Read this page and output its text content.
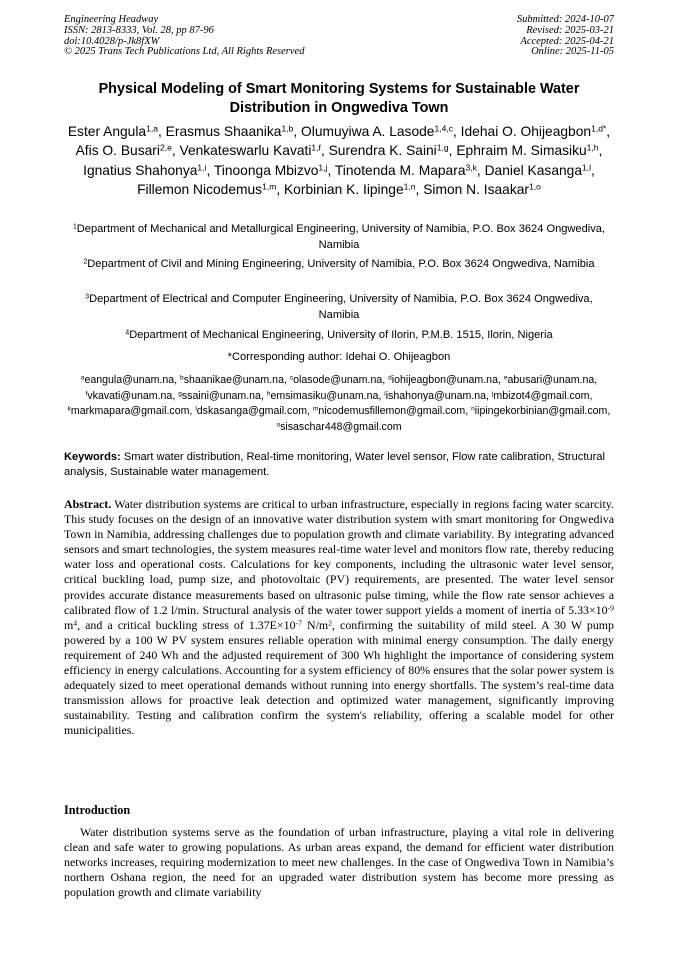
Engineering Headway
ISSN: 2813-8333, Vol. 28, pp 87-96
doi:10.4028/p-Jk8fXW
© 2025 Trans Tech Publications Ltd, All Rights Reserved
Submitted: 2024-10-07
Revised: 2025-03-21
Accepted: 2025-04-21
Online: 2025-11-05
Physical Modeling of Smart Monitoring Systems for Sustainable Water Distribution in Ongwediva Town
Ester Angula$^{1,a}$, Erasmus Shaanika$^{1,b}$, Olumuyiwa A. Lasode$^{1,4,c}$, Idehai O. Ohijeagbon$^{1,d*}$, Afis O. Busari$^{2,e}$, Venkateswarlu Kavati$^{1,f}$, Surendra K. Saini$^{1,g}$, Ephraim M. Simasiku$^{1,h}$, Ignatius Shahonya$^{1,i}$, Tinoonga Mbizvo$^{1,j}$, Tinotenda M. Mapara$^{3,k}$, Daniel Kasanga$^{1,l}$, Fillemon Nicodemus$^{1,m}$, Korbinian K. Iipinge$^{1,n}$, Simon N. Isaakar$^{1,o}$
$^1$Department of Mechanical and Metallurgical Engineering, University of Namibia, P.O. Box 3624 Ongwediva, Namibia
$^2$Department of Civil and Mining Engineering, University of Namibia, P.O. Box 3624 Ongwediva, Namibia
$^3$Department of Electrical and Computer Engineering, University of Namibia, P.O. Box 3624 Ongwediva, Namibia
$^4$Department of Mechanical Engineering, University of Ilorin, P.M.B. 1515, Ilorin, Nigeria
*Corresponding author: Idehai O. Ohijeagbon
$^a$eangula@unam.na, $^b$shaanikae@unam.na, $^c$olasode@unam.na, $^d$iohijeagbon@unam.na, $^e$abusari@unam.na, $^f$vkavati@unam.na, $^g$ssaini@unam.na, $^h$emsimasiku@unam.na, $^i$ishahonya@unam.na, $^j$mbizot4@gmail.com, $^k$markmapara@gmail.com, $^l$dskasanga@gmail.com, $^m$nicodemusfillemon@gmail.com, $^n$iipingekorbinian@gmail.com, $^o$sisaschar448@gmail.com
Keywords: Smart water distribution, Real-time monitoring, Water level sensor, Flow rate calibration, Structural analysis, Sustainable water management.
Abstract. Water distribution systems are critical to urban infrastructure, especially in regions facing water scarcity. This study focuses on the design of an innovative water distribution system with smart monitoring for Ongwediva Town in Namibia, addressing challenges due to population growth and climate variability. By integrating advanced sensors and smart technologies, the system measures real-time water level and monitors flow rate, thereby reducing water loss and operational costs. Calculations for key components, including the ultrasonic water level sensor, critical buckling load, pump size, and photovoltaic (PV) requirements, are presented. The water level sensor provides accurate distance measurements based on ultrasonic pulse timing, while the flow rate sensor achieves a calibrated flow of 1.2 l/min. Structural analysis of the water tower support yields a moment of inertia of $5.33\times 10^{-9}$ $m^4$, and a critical buckling stress of $1.37E\times 10^{-7}$ $N/m^2$, confirming the suitability of mild steel. A 30 W pump powered by a 100 W PV system ensures reliable operation with minimal energy consumption. The daily energy requirement of 240 Wh and the adjusted requirement of 300 Wh highlight the importance of considering system efficiency in energy calculations. Accounting for a system efficiency of 80% ensures that the solar power system is adequately sized to meet operational demands without running into energy shortfalls. The system’s real-time data transmission allows for proactive leak detection and optimized water management, significantly improving sustainability. Testing and calibration confirm the system's reliability, offering a scalable model for other municipalities.
Introduction
Water distribution systems serve as the foundation of urban infrastructure, playing a vital role in delivering clean and safe water to growing populations. As urban areas expand, the demand for efficient water distribution networks increases, requiring modernization to meet new challenges. In the case of Ongwediva Town in Namibia’s northern Oshana region, the need for an upgraded water distribution system has become more pressing as population growth and climate variability
